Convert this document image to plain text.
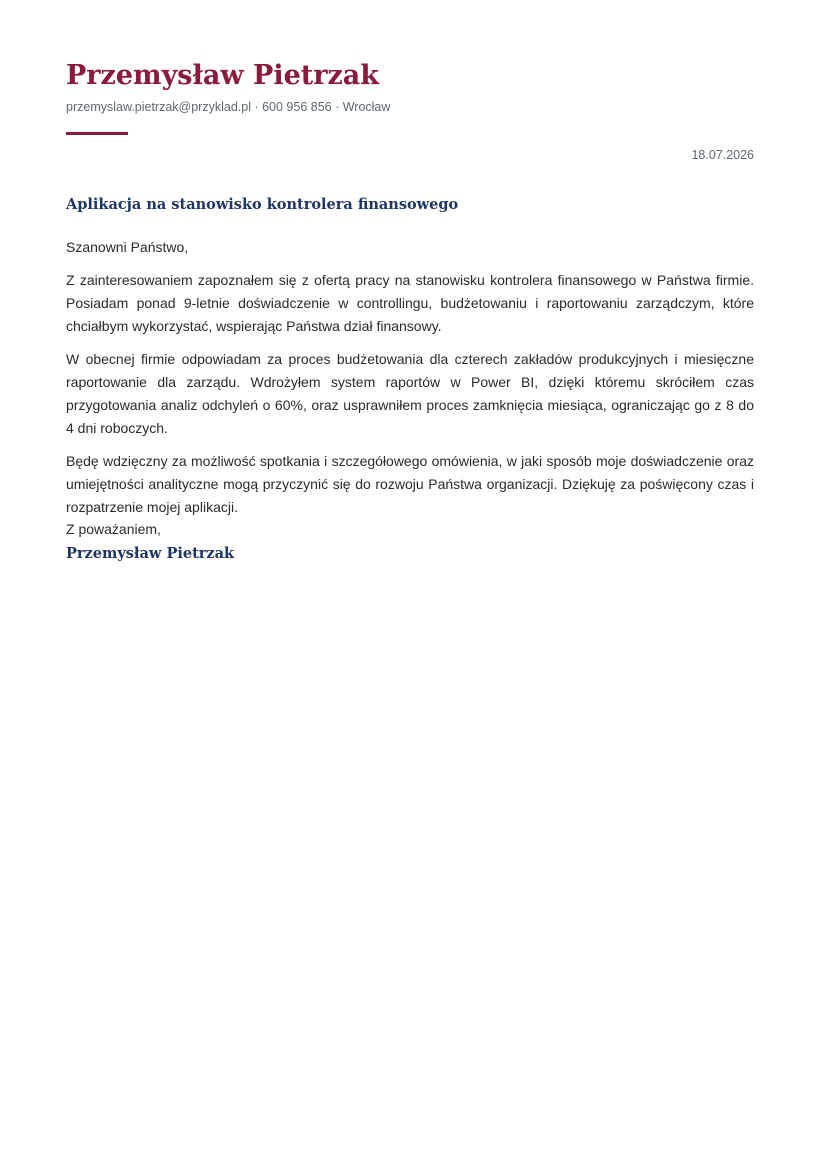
Przemysław Pietrzak
przemyslaw.pietrzak@przyklad.pl · 600 956 856 · Wrocław
18.07.2026
Aplikacja na stanowisko kontrolera finansowego

Szanowni Państwo,

Z zainteresowaniem zapoznałem się z ofertą pracy na stanowisku kontrolera finansowego w Państwa firmie. Posiadam ponad 9-letnie doświadczenie w controllingu, budżetowaniu i raportowaniu zarządczym, które chciałbym wykorzystać, wspierając Państwa dział finansowy.

W obecnej firmie odpowiadam za proces budżetowania dla czterech zakładów produkcyjnych i miesięczne raportowanie dla zarządu. Wdrożyłem system raportów w Power BI, dzięki któremu skróciłem czas przygotowania analiz odchyleń o 60%, oraz usprawniłem proces zamknięcia miesiąca, ograniczając go z 8 do 4 dni roboczych.

Będę wdzięczny za możliwość spotkania i szczegółowego omówienia, w jaki sposób moje doświadczenie oraz umiejętności analityczne mogą przyczynić się do rozwoju Państwa organizacji. Dziękuję za poświęcony czas i rozpatrzenie mojej aplikacji.

Z poważaniem,
Przemysław Pietrzak
